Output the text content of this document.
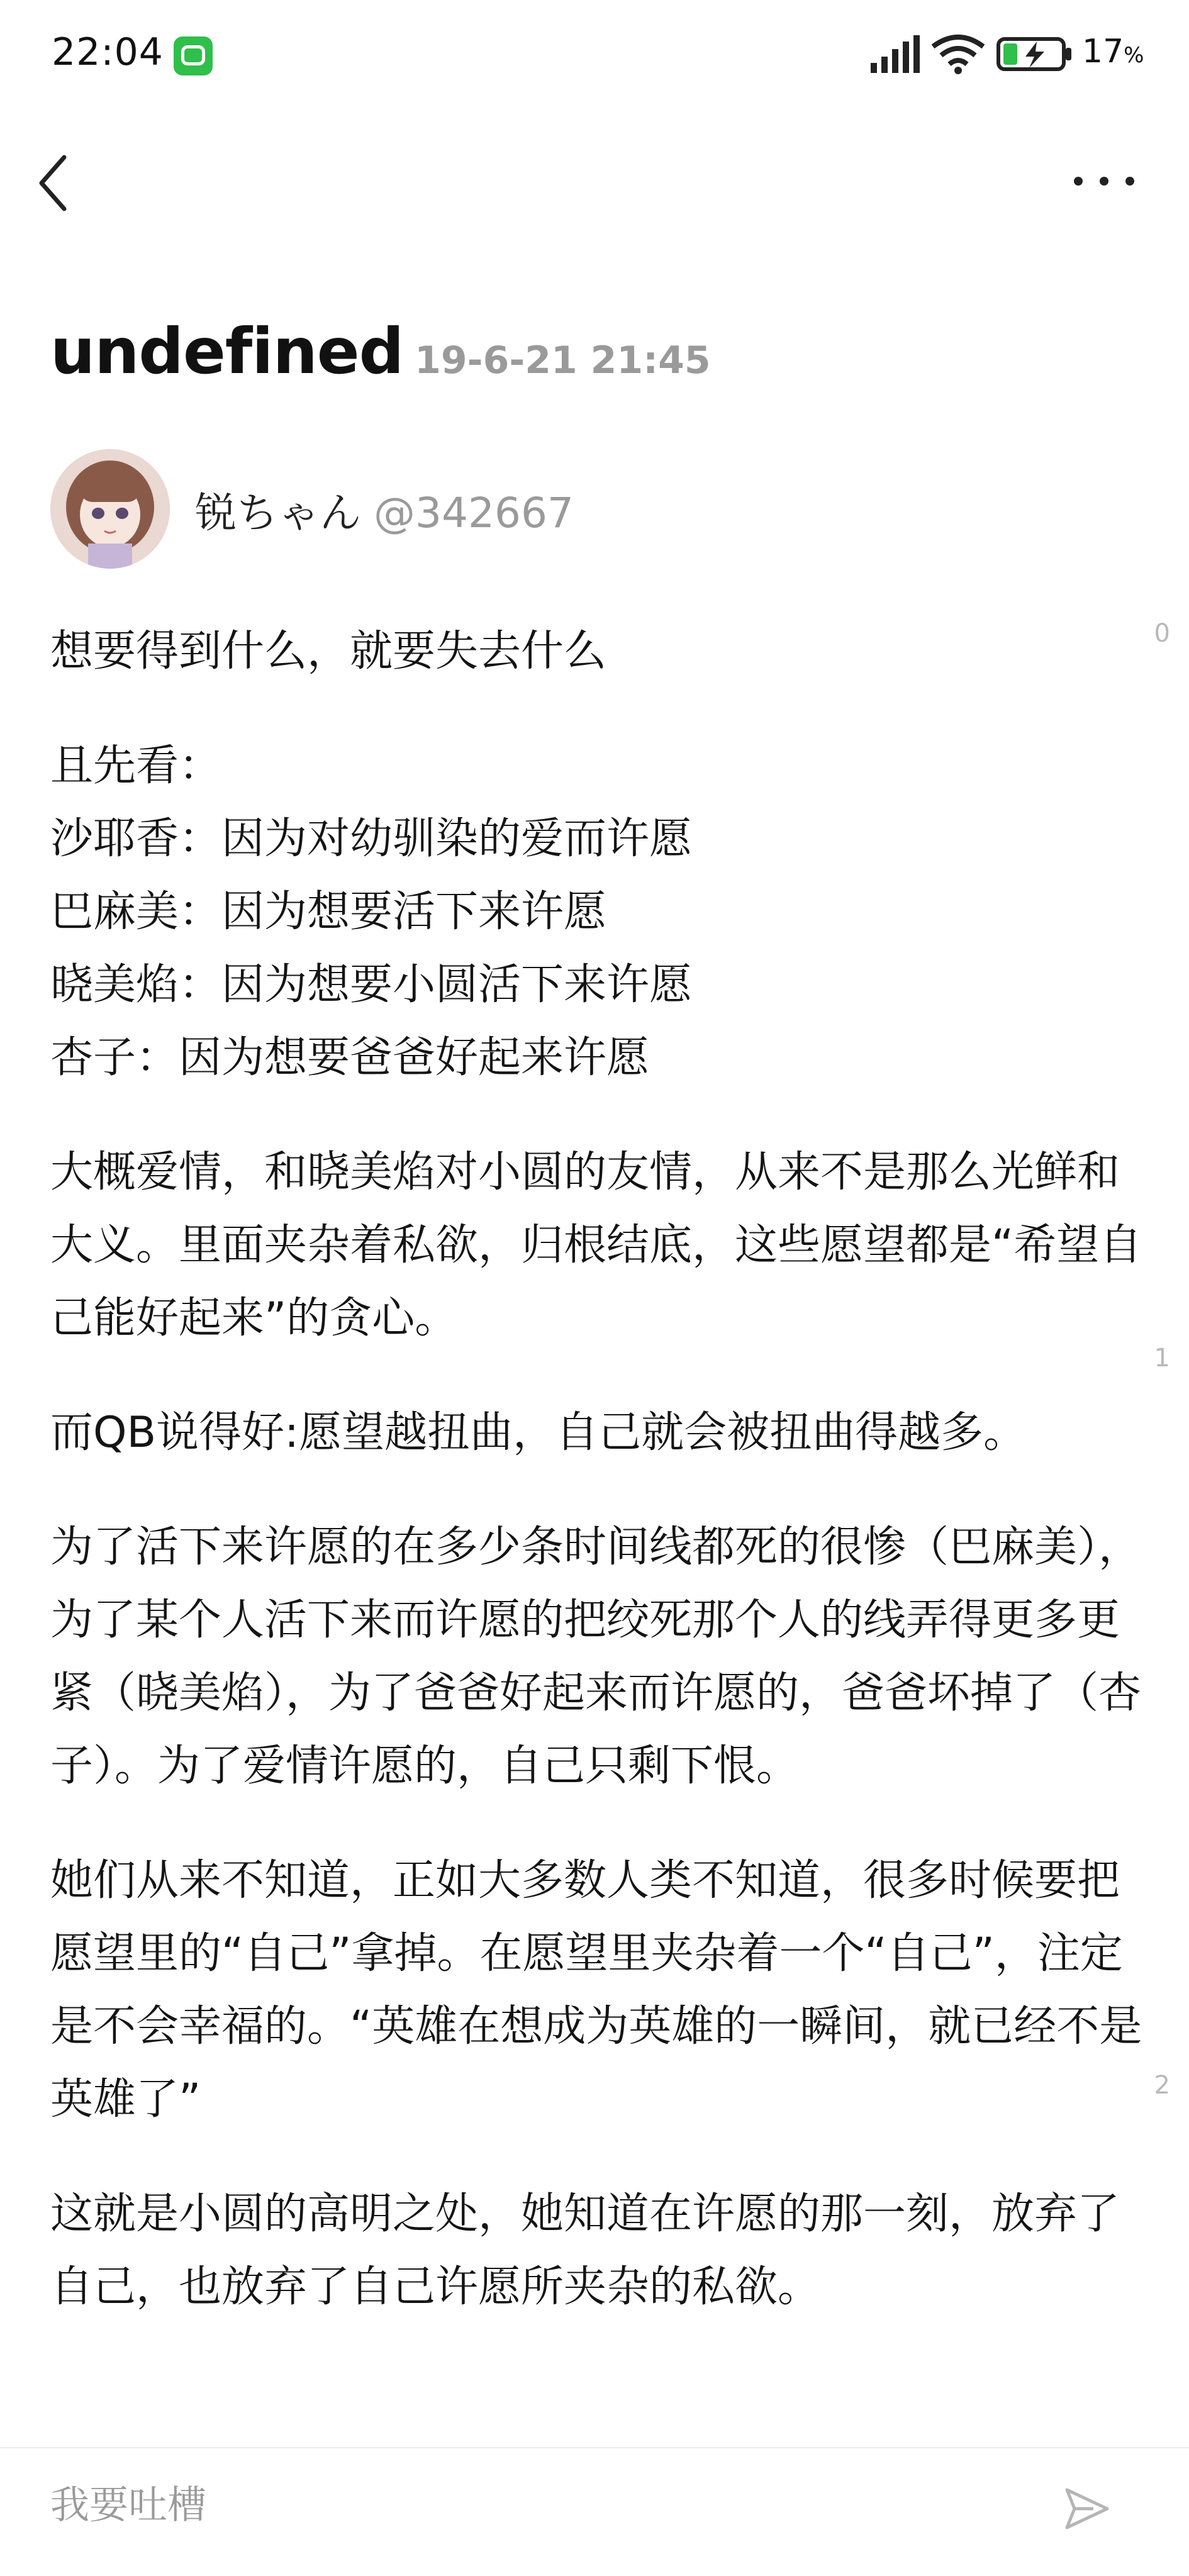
22:04	17%
undefined 19-6-21 21:45
锐ちゃん @342667

想要得到什么，就要失去什么

且先看：
沙耶香：因为对幼驯染的爱而许愿
巴麻美：因为想要活下来许愿
晓美焰：因为想要小圆活下来许愿
杏子：因为想要爸爸好起来许愿

大概爱情，和晓美焰对小圆的友情，从来不是那么光鲜和大义。里面夹杂着私欲，归根结底，这些愿望都是“希望自己能好起来”的贪心。

而QB说得好:愿望越扭曲，自己就会被扭曲得越多。

为了活下来许愿的在多少条时间线都死的很惨（巴麻美），为了某个人活下来而许愿的把绞死那个人的线弄得更多更紧（晓美焰），为了爸爸好起来而许愿的，爸爸坏掉了（杏子）。为了爱情许愿的，自己只剩下恨。

她们从来不知道，正如大多数人类不知道，很多时候要把愿望里的“自己”拿掉。在愿望里夹杂着一个“自己”，注定是不会幸福的。“英雄在想成为英雄的一瞬间，就已经不是英雄了”

这就是小圆的高明之处，她知道在许愿的那一刻，放弃了自己，也放弃了自己许愿所夹杂的私欲。

0
1
2
我要吐槽
